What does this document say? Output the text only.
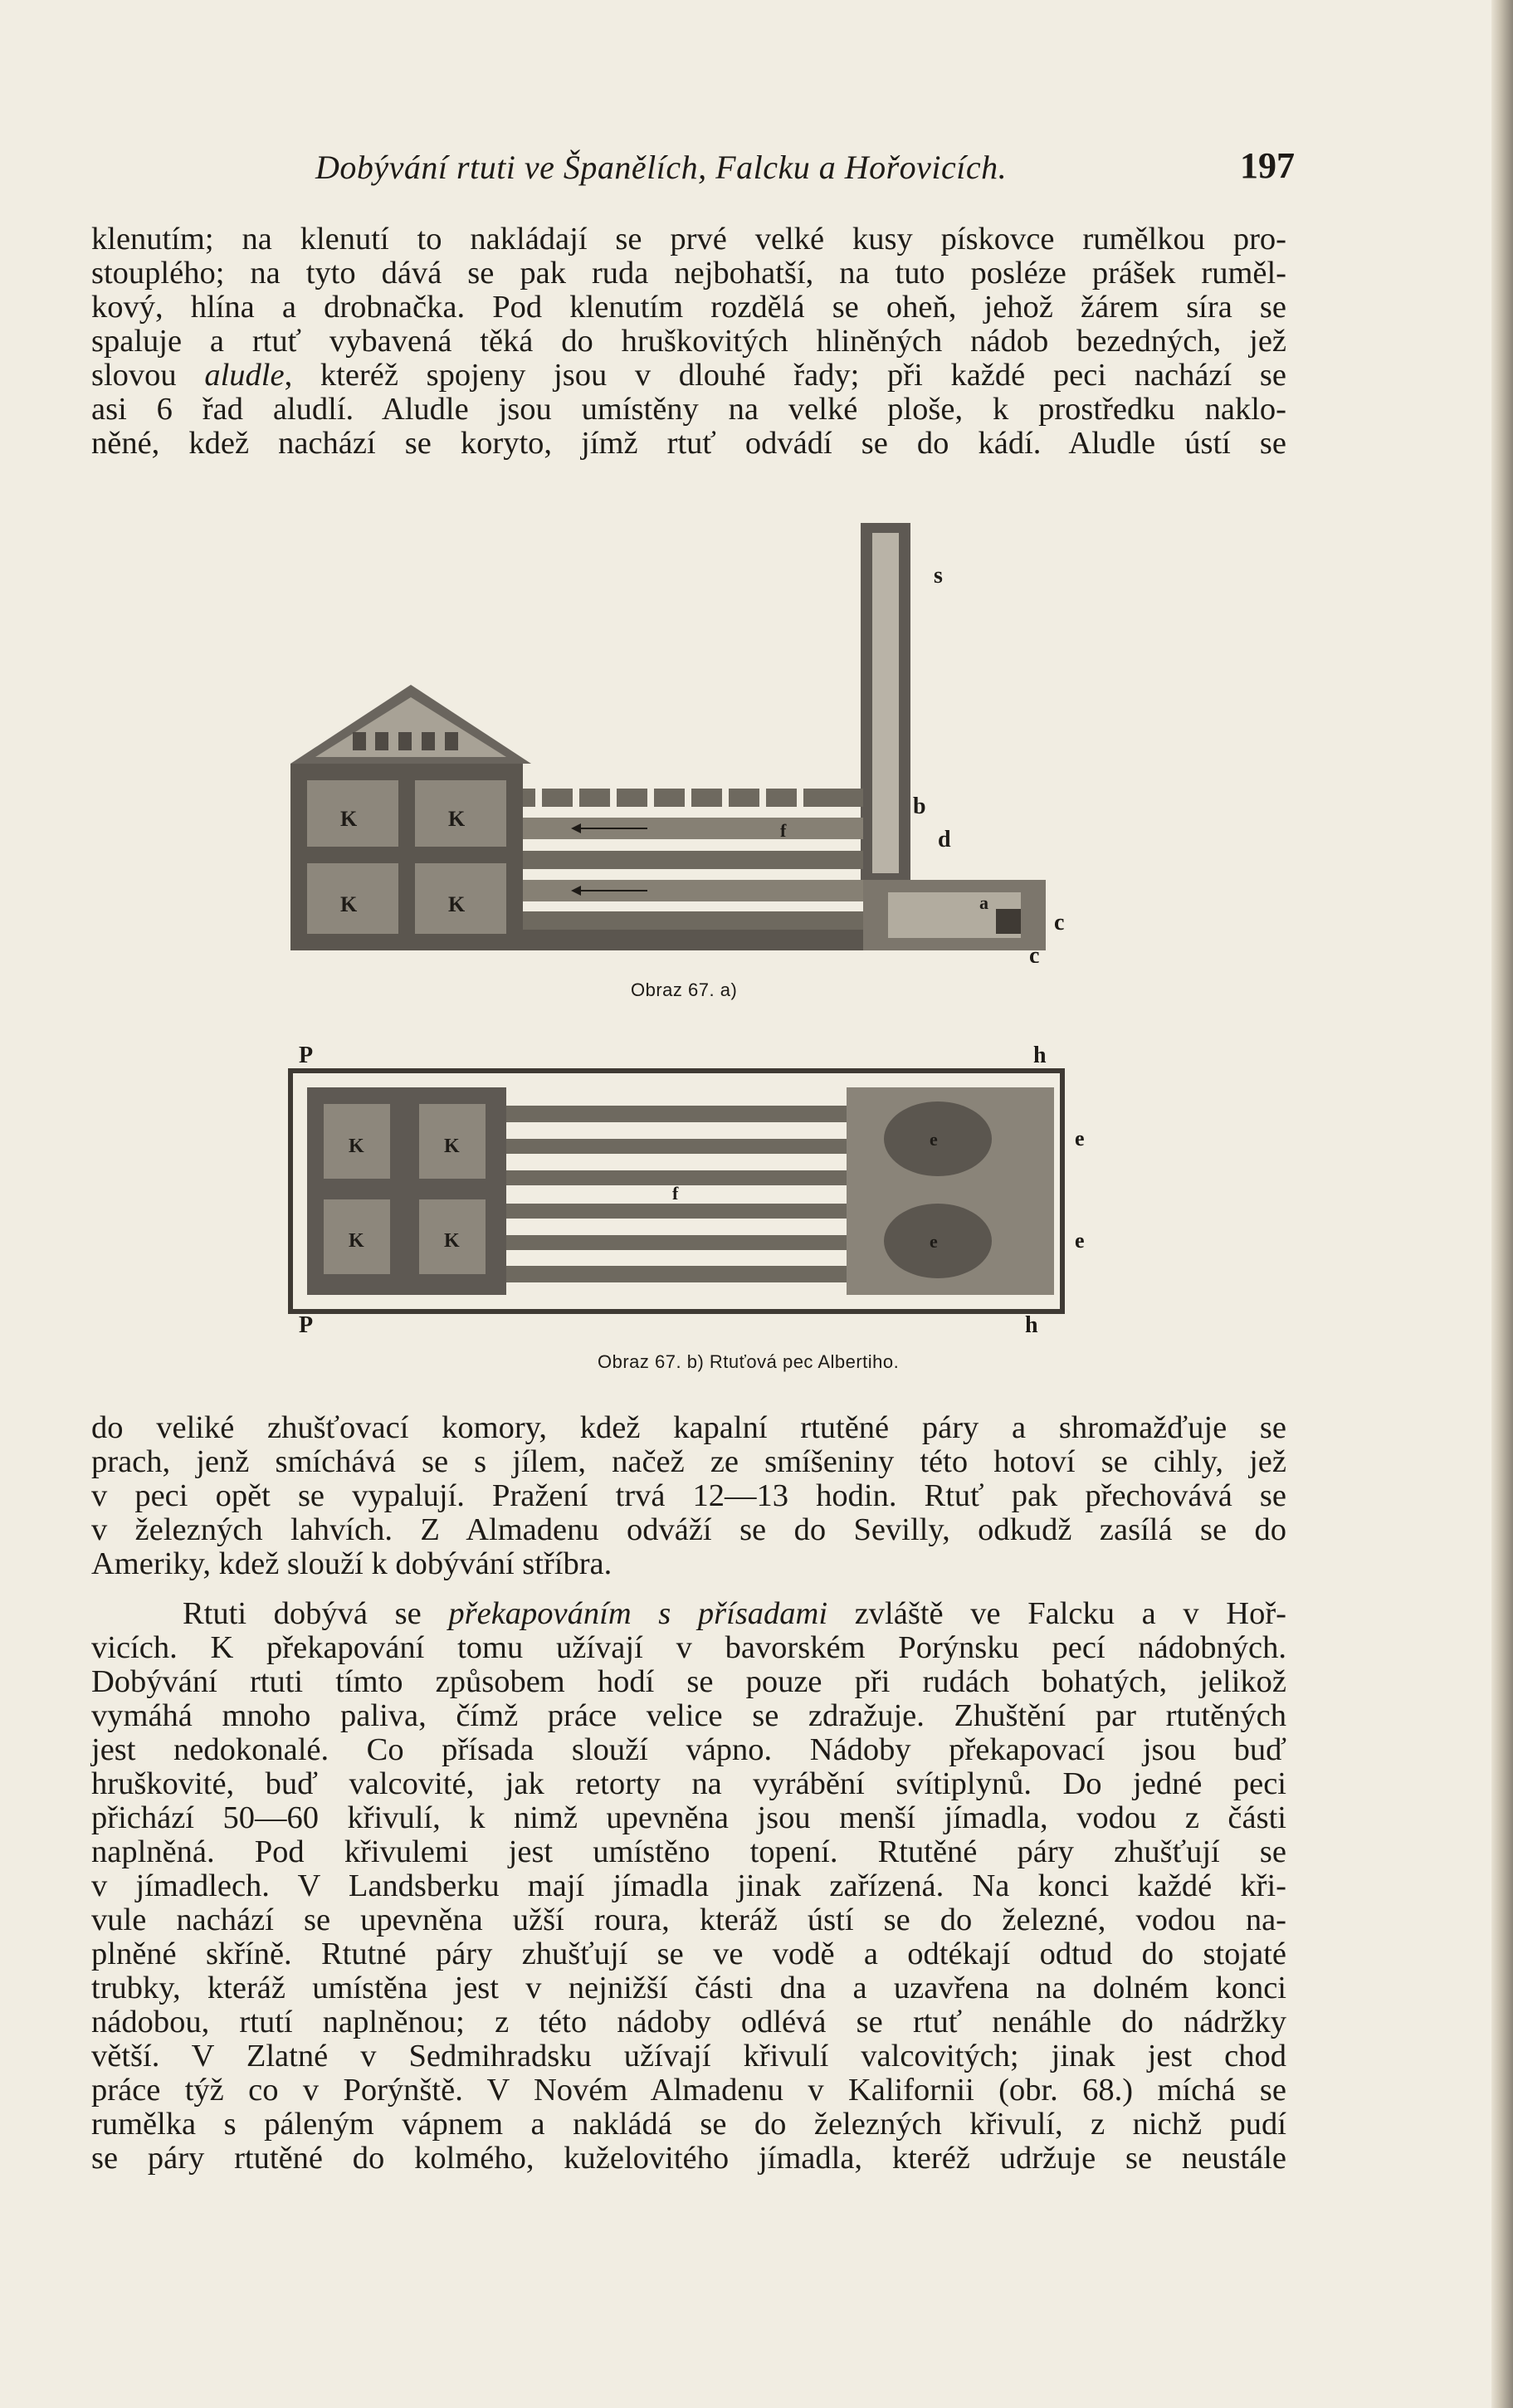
Dobývání rtuti ve Španělích, Falcku a Hořovicích.	197
klenutím; na klenutí to nakládají se prvé velké kusy pískovce rumělkou pro-
stouplého; na tyto dává se pak ruda nejbohatší, na tuto posléze prášek ruměl-
kový, hlína a drobnačka. Pod klenutím rozdělá se oheň, jehož žárem síra se
spaluje a rtuť vybavená těká do hruškovitých hliněných nádob bezedných, jež
slovou aludle, kteréž spojeny jsou v dlouhé řady; při každé peci nachází se
asi 6 řad aludlí. Aludle jsou umístěny na velké ploše, k prostředku naklo-
něné, kdež nachází se koryto, jímž rtuť odvádí se do kádí. Aludle ústí se
K	K
K	K
f
s
b
d
a
c
c
Obraz 67. a)
K	K
K	K
f
e
e
e
e
P
P
h
h
Obraz 67. b) Rtuťová pec Albertiho.
do veliké zhušťovací komory, kdež kapalní rtutěné páry a shromažďuje se
prach, jenž smíchává se s jílem, načež ze smíšeniny této hotoví se cihly, jež
v peci opět se vypalují. Pražení trvá 12—13 hodin. Rtuť pak přechovává se
v železných lahvích. Z Almadenu odváží se do Sevilly, odkudž zasílá se do
Ameriky, kdež slouží k dobývání stříbra.
Rtuti dobývá se překapováním s přísadami zvláště ve Falcku a v Hoř-
vicích. K překapování tomu užívají v bavorském Porýnsku pecí nádobných.
Dobývání rtuti tímto způsobem hodí se pouze při rudách bohatých, jelikož
vymáhá mnoho paliva, čímž práce velice se zdražuje. Zhuštění par rtutěných
jest nedokonalé. Co přísada slouží vápno. Nádoby překapovací jsou buď
hruškovité, buď valcovité, jak retorty na vyrábění svítiplynů. Do jedné peci
přichází 50—60 křivulí, k nimž upevněna jsou menší jímadla, vodou z části
naplněná. Pod křivulemi jest umístěno topení. Rtutěné páry zhušťují se
v jímadlech. V Landsberku mají jímadla jinak zařízená. Na konci každé kři-
vule nachází se upevněna užší roura, kteráž ústí se do železné, vodou na-
plněné skříně. Rtutné páry zhušťují se ve vodě a odtékají odtud do stojaté
trubky, kteráž umístěna jest v nejnižší části dna a uzavřena na dolném konci
nádobou, rtutí naplněnou; z této nádoby odlévá se rtuť nenáhle do nádržky
větší. V Zlatné v Sedmihradsku užívají křivulí valcovitých; jinak jest chod
práce týž co v Porýnště. V Novém Almadenu v Kalifornii (obr. 68.) míchá se
rumělka s páleným vápnem a nakládá se do železných křivulí, z nichž pudí
se páry rtutěné do kolmého, kuželovitého jímadla, kteréž udržuje se neustále
